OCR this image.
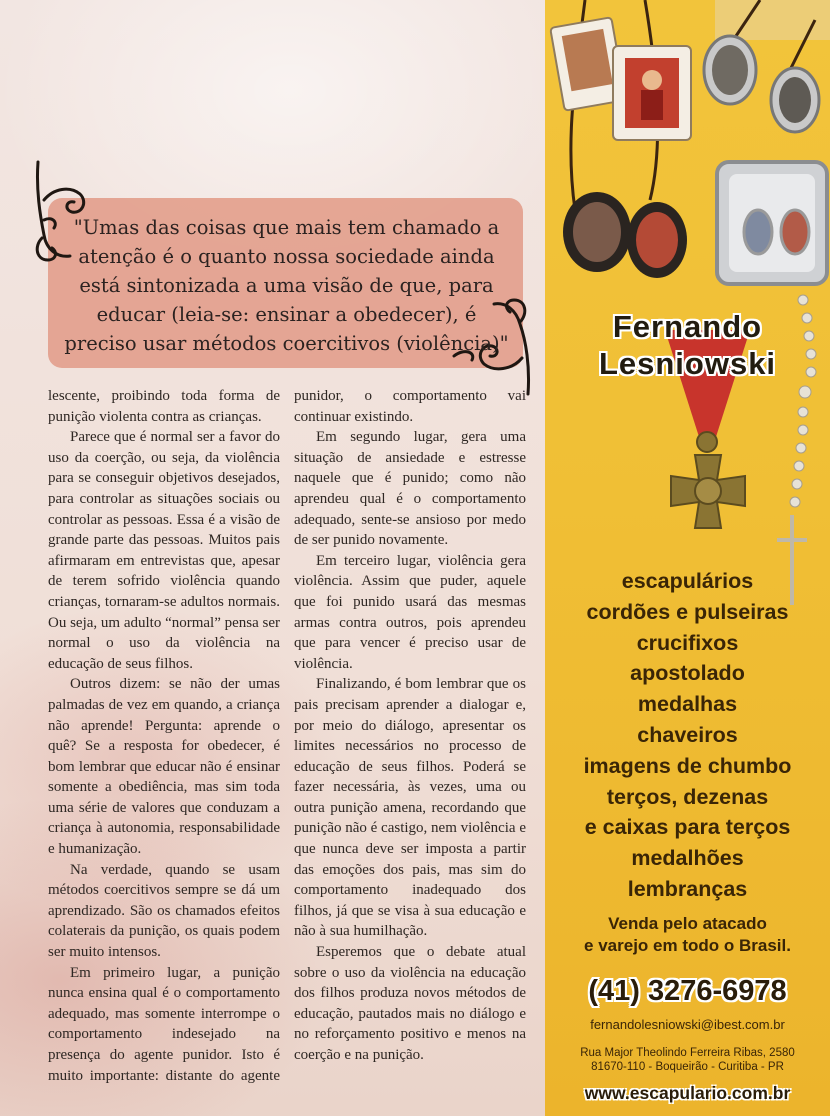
"Umas das coisas que mais tem chamado a atenção é o quanto nossa sociedade ainda está sintonizada a uma visão de que, para educar (leia-se: ensinar a obedecer), é preciso usar métodos coercitivos (violência)"

lescente, proibindo toda forma de punição violenta contra as crianças.

Parece que é normal ser a favor do uso da coerção, ou seja, da violência para se conseguir objetivos desejados, para controlar as situações sociais ou controlar as pessoas. Essa é a visão de grande parte das pessoas. Muitos pais afirmaram em entrevistas que, apesar de terem sofrido violência quando crianças, tornaram-se adultos normais. Ou seja, um adulto “normal” pensa ser normal o uso da violência na educação de seus filhos.

Outros dizem: se não der umas palmadas de vez em quando, a criança não aprende! Pergunta: aprende o quê? Se a resposta for obedecer, é bom lembrar que educar não é ensinar somente a obediência, mas sim toda uma série de valores que conduzam a criança à autonomia, responsabilidade e humanização.

Na verdade, quando se usam métodos coercitivos sempre se dá um aprendizado. São os chamados efeitos colaterais da punição, os quais podem ser muito intensos.

Em primeiro lugar, a punição nunca ensina qual é o comportamento adequado, mas somente interrompe o comportamento indesejado na presença do agente punidor. Isto é muito importante: distante do agente punidor, o comportamento vai continuar existindo.

Em segundo lugar, gera uma situação de ansiedade e estresse naquele que é punido; como não aprendeu qual é o comportamento adequado, sente-se ansioso por medo de ser punido novamente.

Em terceiro lugar, violência gera violência. Assim que puder, aquele que foi punido usará das mesmas armas contra outros, pois aprendeu que para vencer é preciso usar de violência.

Finalizando, é bom lembrar que os pais precisam aprender a dialogar e, por meio do diálogo, apresentar os limites necessários no processo de educação de seus filhos. Poderá se fazer necessária, às vezes, uma ou outra punição amena, recordando que punição não é castigo, nem violência e que nunca deve ser imposta a partir das emoções dos pais, mas sim do comportamento inadequado dos filhos, já que se visa à sua educação e não à sua humilhação.

Esperemos que o debate atual sobre o uso da violência na educação dos filhos produza novos métodos de educação, pautados mais no diálogo e no reforçamento positivo e menos na coerção e na punição.

Fernando
Lesniowski
escapulários
cordões e pulseiras
crucifixos
apostolado
medalhas
chaveiros
imagens de chumbo
terços, dezenas
e caixas para terços
medalhões
lembranças
Venda pelo atacado
e varejo em todo o Brasil.
(41) 3276-6978
fernandolesniowski@ibest.com.br
Rua Major Theolindo Ferreira Ribas, 2580
81670-110 - Boqueirão - Curitiba - PR
www.escapulario.com.br
